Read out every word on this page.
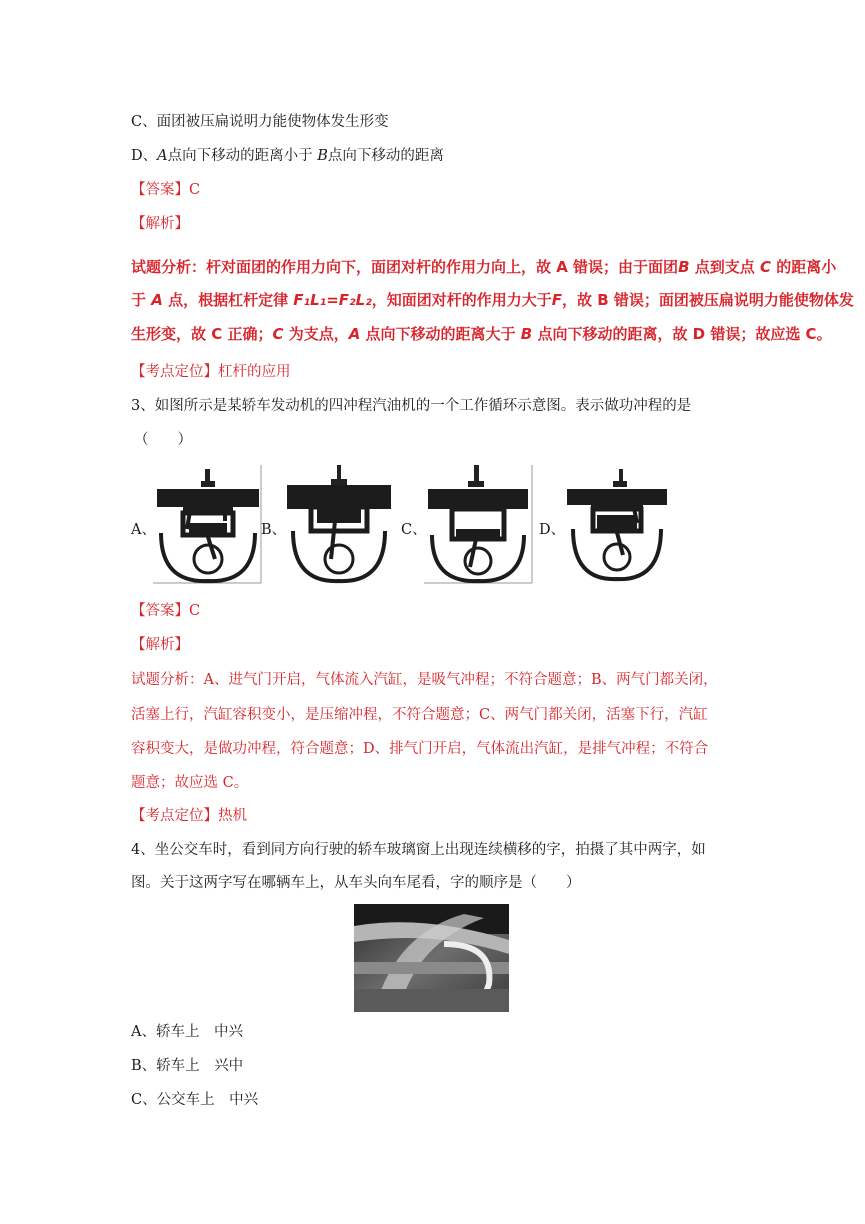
C、面团被压扁说明力能使物体发生形变
D、A点向下移动的距离小于 B点向下移动的距离
【答案】C
【解析】
试题分析：杆对面团的作用力向下，面团对杆的作用力向上，故 A 错误；由于面团B 点到支点 C 的距离小
于 A 点，根据杠杆定律 F₁L₁=F₂L₂，知面团对杆的作用力大于F，故 B 错误；面团被压扁说明力能使物体发
生形变，故 C 正确；C 为支点，A 点向下移动的距离大于 B 点向下移动的距离，故 D 错误；故应选 C。
【考点定位】杠杆的应用
3、如图所示是某轿车发动机的四冲程汽油机的一个工作循环示意图。表示做功冲程的是
（　　）
A、	B、	C、	D、
【答案】C
【解析】
试题分析：A、进气门开启，气体流入汽缸，是吸气冲程；不符合题意；B、两气门都关闭，
活塞上行，汽缸容积变小，是压缩冲程，不符合题意；C、两气门都关闭，活塞下行，汽缸
容积变大，是做功冲程，符合题意；D、排气门开启，气体流出汽缸，是排气冲程；不符合
题意；故应选 C。
【考点定位】热机
4、坐公交车时，看到同方向行驶的轿车玻璃窗上出现连续横移的字，拍摄了其中两字，如
图。关于这两字写在哪辆车上，从车头向车尾看，字的顺序是（　　）
A、轿车上　中兴
B、轿车上　兴中
C、公交车上　中兴
